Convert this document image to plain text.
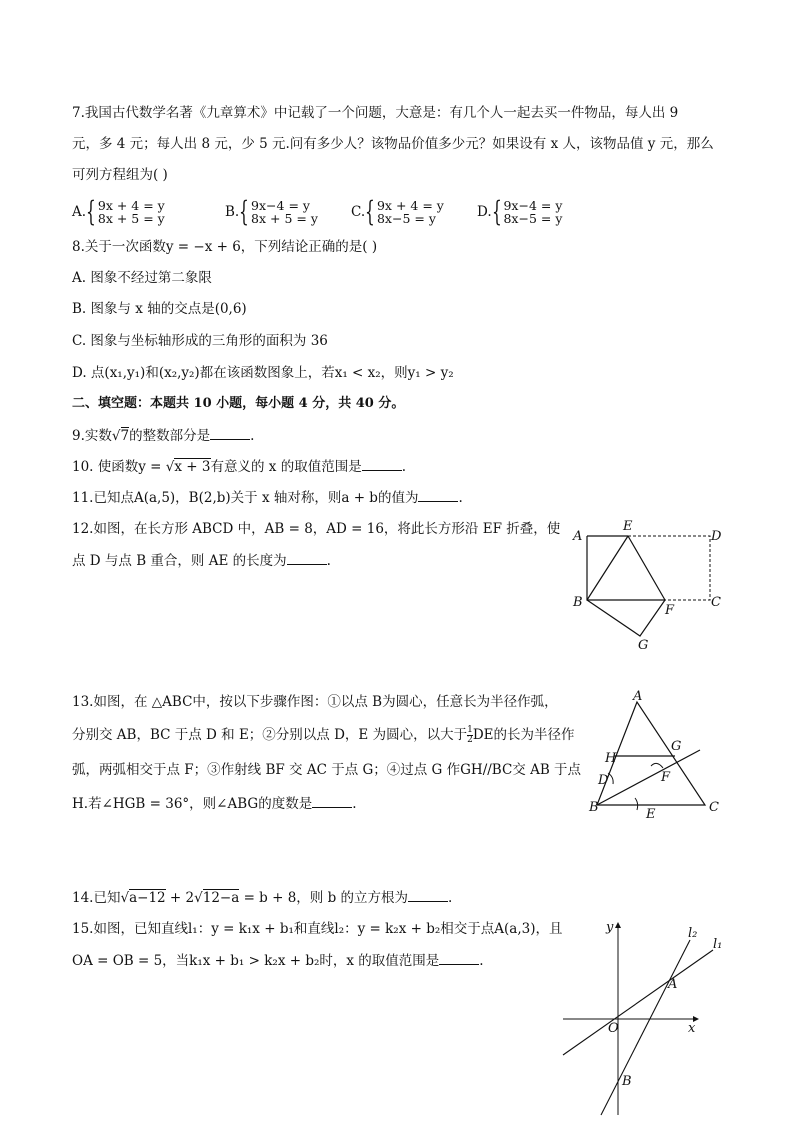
7.我国古代数学名著《九章算术》中记载了一个问题，大意是：有几个人一起去买一件物品，每人出 9
元，多 4 元；每人出 8 元，少 5 元.问有多少人？该物品价值多少元？如果设有 x 人，该物品值 y 元，那么
可列方程组为( )
A. { 9x + 4 = y
8x + 5 = y	B. { 9x−4 = y
8x + 5 = y C. { 9x + 4 = y
8x−5 = y	D. { 9x−4 = y
8x−5 = y
8.关于一次函数y = −x + 6，下列结论正确的是( )
A. 图象不经过第二象限
B. 图象与 x 轴的交点是(0,6)
C. 图象与坐标轴形成的三角形的面积为 36
D. 点(x₁,y₁)和(x₂,y₂)都在该函数图象上，若x₁ < x₂，则y₁ > y₂
二、填空题：本题共 10 小题，每小题 4 分，共 40 分。
9.实数√7的整数部分是	.
10. 使函数y = √x + 3有意义的 x 的取值范围是	.
11.已知点A(a,5)，B(2,b)关于 x 轴对称，则a + b的值为	.
12.如图，在长方形 ABCD 中，AB = 8，AD = 16，将此长方形沿 EF 折叠，使
点 D 与点 B 重合，则 AE 的长度为	.
A
E
D
B
F
C
G
13.如图，在 △ABC中，按以下步骤作图：①以点 B为圆心，任意长为半径作弧，
分别交 AB，BC 于点 D 和 E；②分别以点 D，E 为圆心，以大于 $\frac{1}{2}$ DE的长为半径作
弧，两弧相交于点 F；③作射线 BF 交 AC 于点 G；④过点 G 作GH//BC交 AB 于点
H.若∠HGB = 36°，则∠ABG的度数是	.
A
H
G
D	F
B	E	C
14.已知√a−12 + 2√12−a = b + 8，则 b 的立方根为	.
15.如图，已知直线l₁：y = k₁x + b₁和直线l₂：y = k₂x + b₂相交于点A(a,3)，且
OA = OB = 5，当k₁x + b₁ > k₂x + b₂时，x 的取值范围是	.
y
x
O
A
B
l₁
l₂
